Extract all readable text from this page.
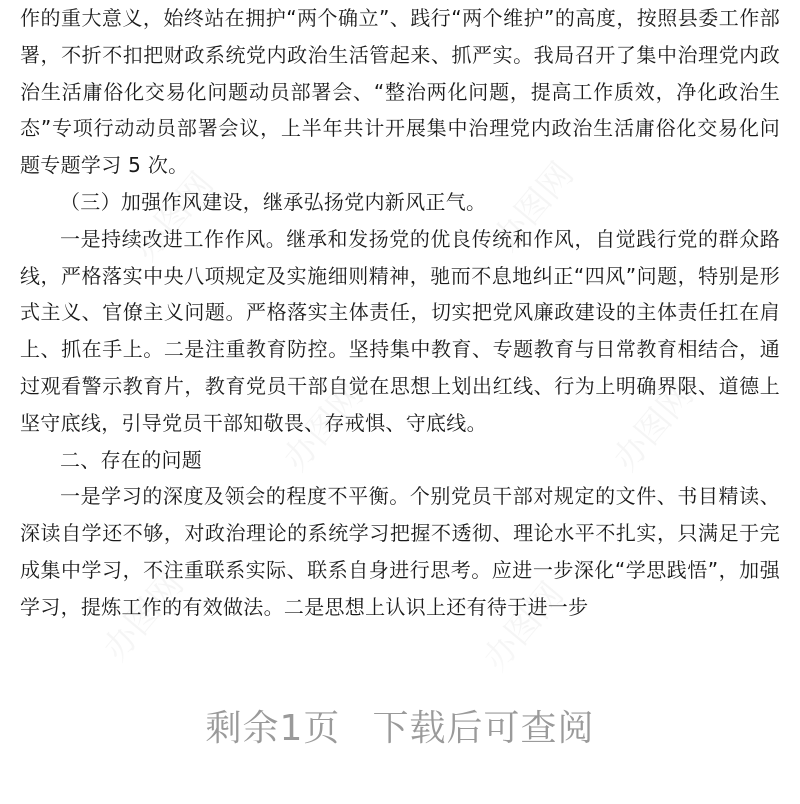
办图网	办图网
办图网	办图网
办图网	办图网

作的重大意义，始终站在拥护“两个确立”、践行“两个维护”的高度，按照县委工作部署，不折不扣把财政系统党内政治生活管起来、抓严实。我局召开了集中治理党内政治生活庸俗化交易化问题动员部署会、“整治两化问题，提高工作质效，净化政治生态”专项行动动员部署会议，上半年共计开展集中治理党内政治生活庸俗化交易化问题专题学习 5 次。

（三）加强作风建设，继承弘扬党内新风正气。

一是持续改进工作作风。继承和发扬党的优良传统和作风，自觉践行党的群众路线，严格落实中央八项规定及实施细则精神，驰而不息地纠正“四风”问题，特别是形式主义、官僚主义问题。严格落实主体责任，切实把党风廉政建设的主体责任扛在肩上、抓在手上。二是注重教育防控。坚持集中教育、专题教育与日常教育相结合，通过观看警示教育片，教育党员干部自觉在思想上划出红线、行为上明确界限、道德上坚守底线，引导党员干部知敬畏、存戒惧、守底线。

二、存在的问题

一是学习的深度及领会的程度不平衡。个别党员干部对规定的文件、书目精读、深读自学还不够，对政治理论的系统学习把握不透彻、理论水平不扎实，只满足于完成集中学习，不注重联系实际、联系自身进行思考。应进一步深化“学思践悟”，加强学习，提炼工作的有效做法。二是思想上认识上还有待于进一步

剩余1页 下载后可查阅
